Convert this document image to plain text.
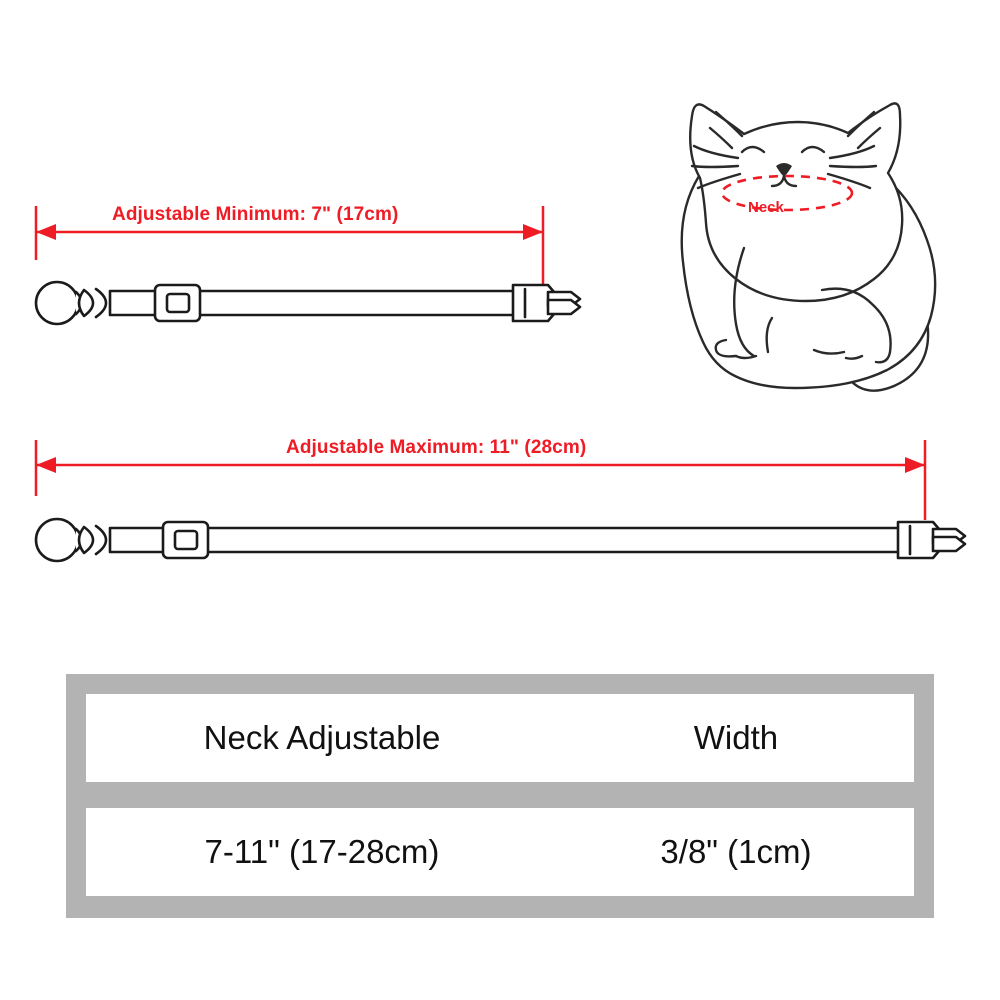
Adjustable Minimum: 7" (17cm)
Adjustable Maximum: 11" (28cm)
Neck
Neck Adjustable	Width
7-11" (17-28cm)	3/8" (1cm)
